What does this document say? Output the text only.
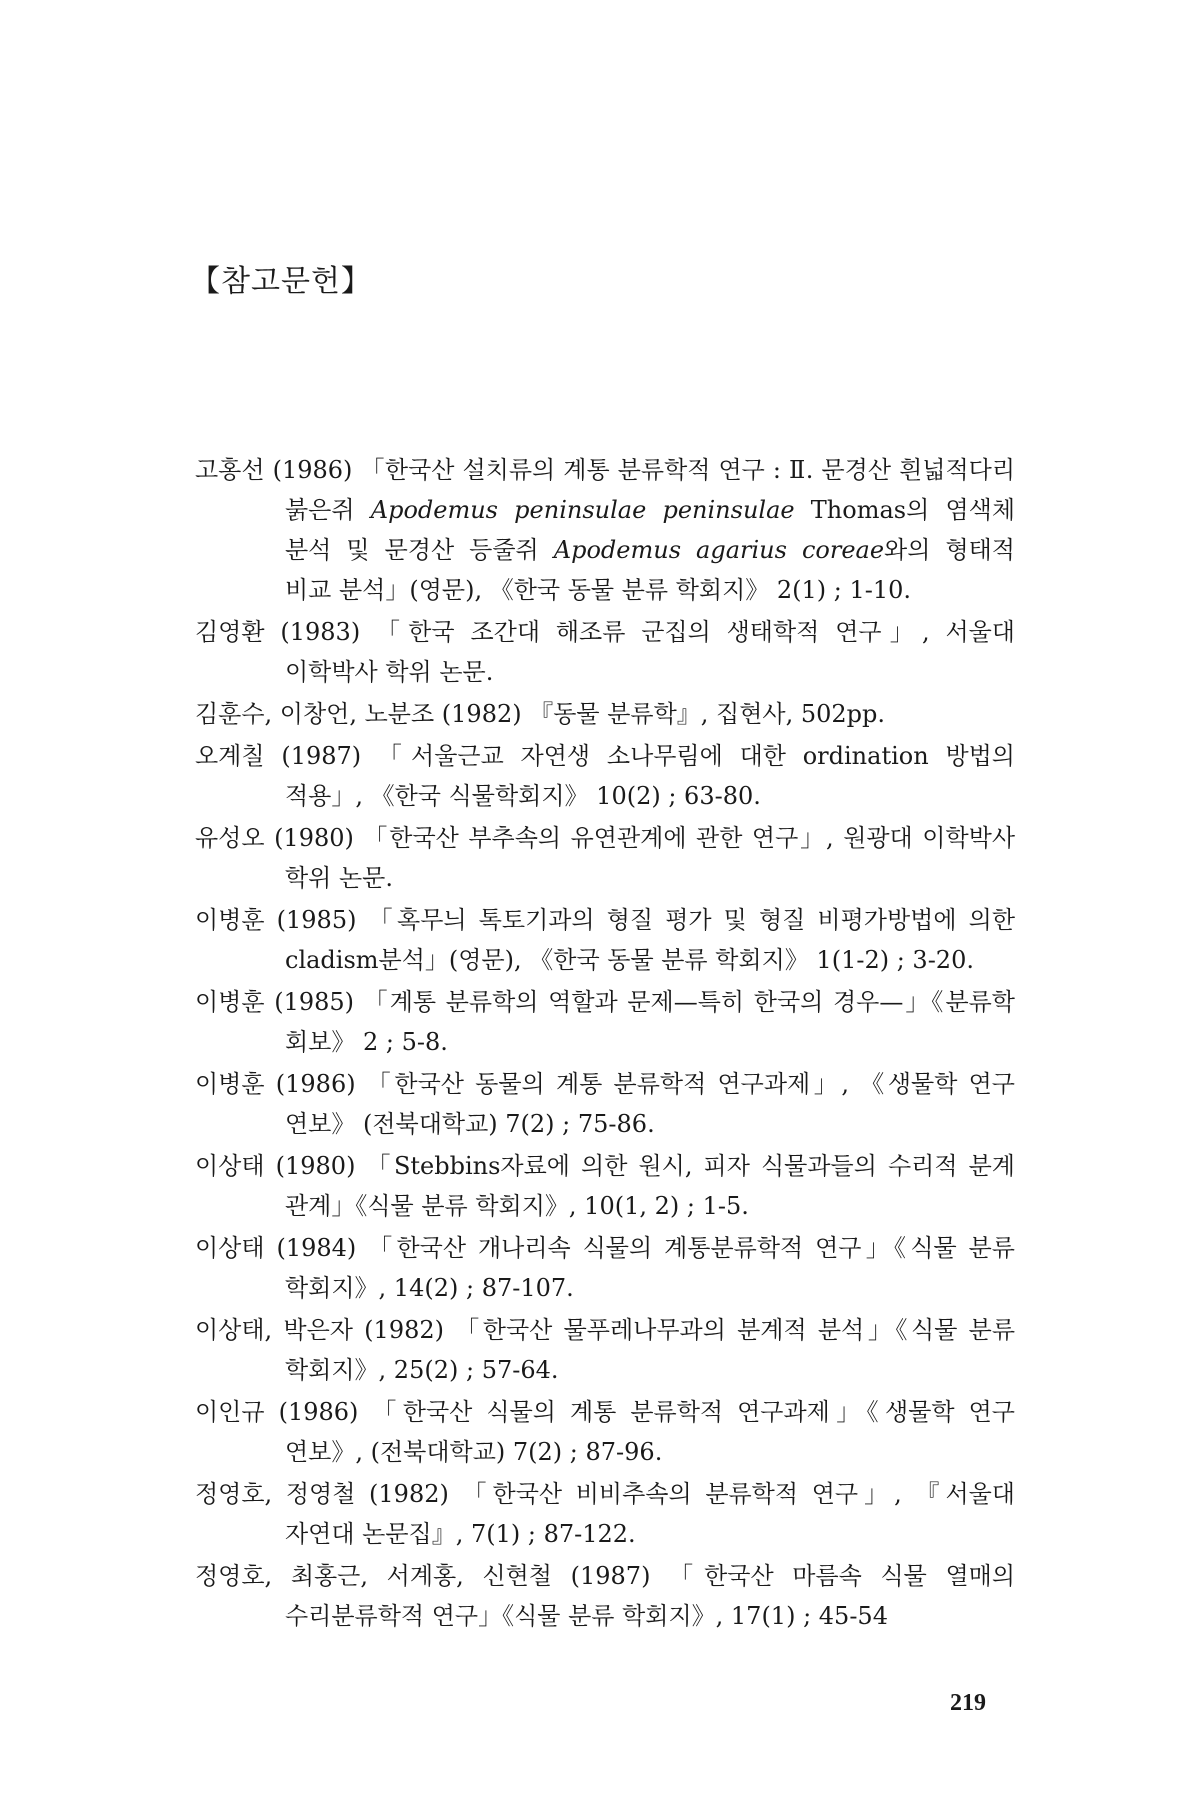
【참고문헌】
고홍선 (1986) 「한국산 설치류의 계통 분류학적 연구 : Ⅱ. 문경산 흰넓적다리 붉은쥐 Apodemus peninsulae peninsulae Thomas의 염색체 분석 및 문경산 등줄쥐 Apodemus agarius coreae와의 형태적 비교 분석」(영문), 《한국 동물 분류 학회지》 2(1) ; 1-10.
김영환 (1983) 「한국 조간대 해조류 군집의 생태학적 연구」, 서울대 이학박사 학위 논문.
김훈수, 이창언, 노분조 (1982) 『동물 분류학』, 집현사, 502pp.
오계칠 (1987) 「서울근교 자연생 소나무림에 대한 ordination 방법의 적용」, 《한국 식물학회지》 10(2) ; 63-80.
유성오 (1980) 「한국산 부추속의 유연관계에 관한 연구」, 원광대 이학박사 학위 논문.
이병훈 (1985) 「혹무늬 톡토기과의 형질 평가 및 형질 비평가방법에 의한 cladism분석」(영문), 《한국 동물 분류 학회지》 1(1-2) ; 3-20.
이병훈 (1985) 「계통 분류학의 역할과 문제—특히 한국의 경우—」《분류학 회보》 2 ; 5-8.
이병훈 (1986) 「한국산 동물의 계통 분류학적 연구과제」, 《생물학 연구 연보》 (전북대학교) 7(2) ; 75-86.
이상태 (1980) 「Stebbins자료에 의한 원시, 피자 식물과들의 수리적 분계 관계」《식물 분류 학회지》, 10(1, 2) ; 1-5.
이상태 (1984) 「한국산 개나리속 식물의 계통분류학적 연구」《식물 분류 학회지》, 14(2) ; 87-107.
이상태, 박은자 (1982) 「한국산 물푸레나무과의 분계적 분석」《식물 분류 학회지》, 25(2) ; 57-64.
이인규 (1986) 「한국산 식물의 계통 분류학적 연구과제」《생물학 연구 연보》, (전북대학교) 7(2) ; 87-96.
정영호, 정영철 (1982) 「한국산 비비추속의 분류학적 연구」, 『서울대 자연대 논문집』, 7(1) ; 87-122.
정영호, 최홍근, 서계홍, 신현철 (1987) 「한국산 마름속 식물 열매의 수리분류학적 연구」《식물 분류 학회지》, 17(1) ; 45-54
219
